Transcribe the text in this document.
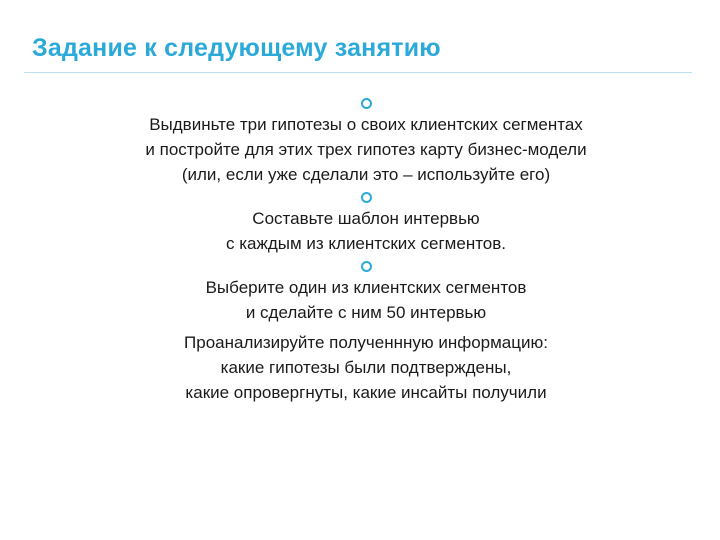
Задание к следующему занятию

Выдвиньте три гипотезы о своих клиентских сегментах
и постройте для этих трех гипотез карту бизнес-модели
(или, если уже сделали это – используйте его)

Составьте шаблон интервью
с каждым из клиентских сегментов.

Выберите один из клиентских сегментов
и сделайте с ним 50 интервью

Проанализируйте полученнную информацию:
какие гипотезы были подтверждены,
какие опровергнуты, какие инсайты получили
